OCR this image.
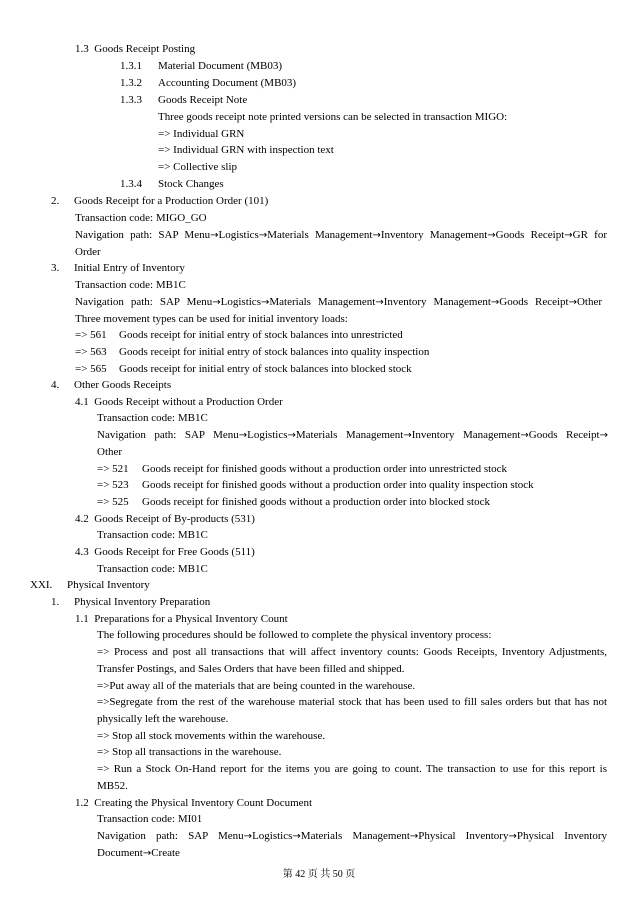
1.3 Goods Receipt Posting
1.3.1 Material Document (MB03)
1.3.2 Accounting Document (MB03)
1.3.3 Goods Receipt Note
Three goods receipt note printed versions can be selected in transaction MIGO:
=> Individual GRN
=> Individual GRN with inspection text
=> Collective slip
1.3.4 Stock Changes
2. Goods Receipt for a Production Order (101)
Transaction code: MIGO_GO
Navigation path: SAP Menu→Logistics→Materials Management→Inventory Management→Goods Receipt→GR for
Order
3. Initial Entry of Inventory
Transaction code: MB1C
Navigation path: SAP Menu→Logistics→Materials Management→Inventory Management→Goods Receipt→Other
Three movement types can be used for initial inventory loads:
=> 561 Goods receipt for initial entry of stock balances into unrestricted
=> 563 Goods receipt for initial entry of stock balances into quality inspection
=> 565 Goods receipt for initial entry of stock balances into blocked stock
4. Other Goods Receipts
4.1 Goods Receipt without a Production Order
Transaction code: MB1C
Navigation path: SAP Menu→Logistics→Materials Management→Inventory Management→Goods Receipt→
Other
=> 521 Goods receipt for finished goods without a production order into unrestricted stock
=> 523 Goods receipt for finished goods without a production order into quality inspection stock
=> 525 Goods receipt for finished goods without a production order into blocked stock
4.2 Goods Receipt of By-products (531)
Transaction code: MB1C
4.3 Goods Receipt for Free Goods (511)
Transaction code: MB1C
XXI. Physical Inventory
1. Physical Inventory Preparation
1.1 Preparations for a Physical Inventory Count
The following procedures should be followed to complete the physical inventory process:
=> Process and post all transactions that will affect inventory counts: Goods Receipts, Inventory Adjustments,
Transfer Postings, and Sales Orders that have been filled and shipped.
=>Put away all of the materials that are being counted in the warehouse.
=>Segregate from the rest of the warehouse material stock that has been used to fill sales orders but that has not
physically left the warehouse.
=> Stop all stock movements within the warehouse.
=> Stop all transactions in the warehouse.
=> Run a Stock On-Hand report for the items you are going to count. The transaction to use for this report is
MB52.
1.2 Creating the Physical Inventory Count Document
Transaction code: MI01
Navigation path: SAP Menu→Logistics→Materials Management→Physical Inventory→Physical Inventory
Document→Create
第 42 页 共 50 页
